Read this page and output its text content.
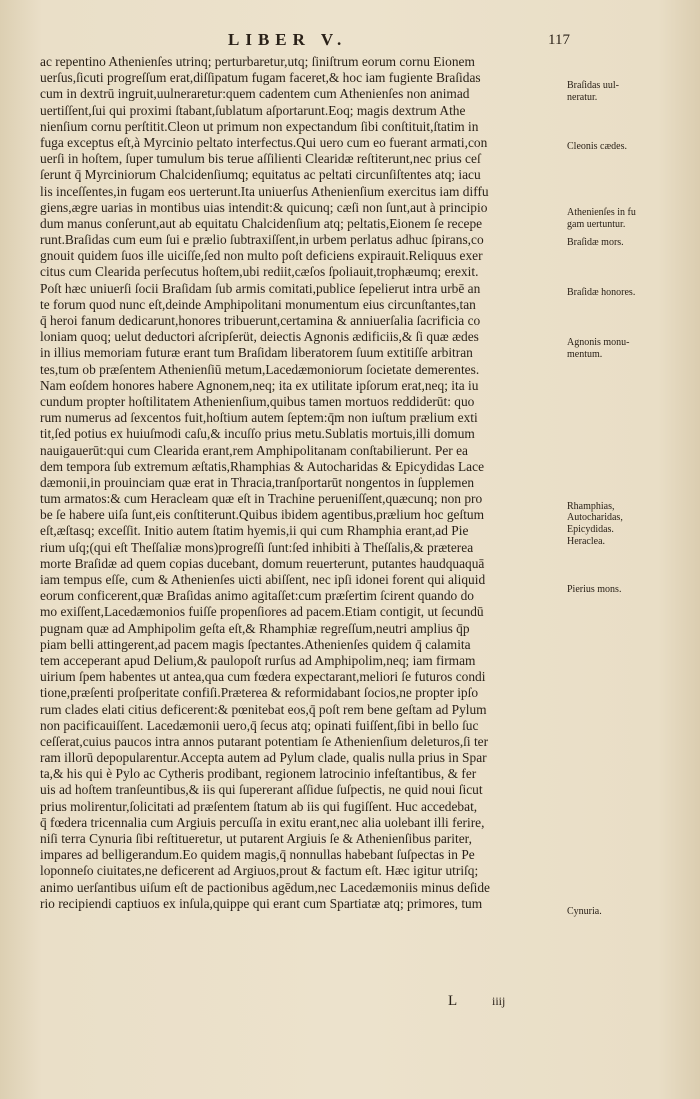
LIBER V.	117
ac repentino Athenienſes utrinq; perturbaretur,utq; ſiniſtrum eorum cornu Eionem
uerſus,ſicuti progreſſum erat,diſſipatum fugam faceret,& hoc iam fugiente Braſidas
cum in dextrū ingruit,uulneraretur:quem cadentem cum Athenienſes non animad
uertiſſent,ſui qui proximi ſtabant,ſublatum aſportarunt.Eoq; magis dextrum Athe
nienſium cornu perſtitit.Cleon ut primum non expectandum ſibi conſtituit,ſtatim in
fuga exceptus eſt,à Myrcinio peltato interfectus.Qui uero cum eo fuerant armati,con
uerſi in hoſtem, ſuper tumulum bis terue aſſilienti Clearidæ reſtiterunt,nec prius ceſ
ſerunt q̄ Myrciniorum Chalcidenſiumq; equitatus ac peltati circunſiſtentes atq; iacu
lis inceſſentes,in fugam eos uerterunt.Ita uniuerſus Athenienſium exercitus iam diffu
giens,ægre uarias in montibus uias intendit:& quicunq; cæſi non ſunt,aut à principio
dum manus conſerunt,aut ab equitatu Chalcidenſium atq; peltatis,Eionem ſe recepe
runt.Braſidas cum eum ſui e prælio ſubtraxiſſent,in urbem perlatus adhuc ſpirans,co
gnouit quidem ſuos ille uiciſſe,ſed non multo poſt deficiens expirauit.Reliquus exer
citus cum Clearida perſecutus hoſtem,ubi rediit,cæſos ſpoliauit,trophæumq; erexit.
Poſt hæc uniuerſi ſocii Braſidam ſub armis comitati,publice ſepelierut intra urbē an
te forum quod nunc eſt,deinde Amphipolitani monumentum eius circunſtantes,tan
q̄ heroi fanum dedicarunt,honores tribuerunt,certamina & anniuerſalia ſacrificia co
loniam quoq; uelut deductori aſcripſerüt, deiectis Agnonis ædificiis,& ſi quæ ædes
in illius memoriam futuræ erant tum Braſidam liberatorem ſuum extitiſſe arbitran
tes,tum ob præſentem Athenienſiū metum,Lacedæmoniorum ſocietate demerentes.
Nam eoſdem honores habere Agnonem,neq; ita ex utilitate ipſorum erat,neq; ita iu
cundum propter hoſtilitatem Athenienſium,quibus tamen mortuos reddiderūt: quo
rum numerus ad ſexcentos fuit,hoſtium autem ſeptem:q̄m non iuſtum prælium exti
tit,ſed potius ex huiuſmodi caſu,& incuſſo prius metu.Sublatis mortuis,illi domum
nauigauerūt:qui cum Clearida erant,rem Amphipolitanam conſtabilierunt. Per ea
dem tempora ſub extremum æſtatis,Rhamphias & Autocharidas & Epicydidas Lace
dæmonii,in prouinciam quæ erat in Thracia,tranſportarūt nongentos in ſupplemen
tum armatos:& cum Heracleam quæ eſt in Trachine perueniſſent,quæcunq; non pro
be ſe habere uiſa ſunt,eis conſtiterunt.Quibus ibidem agentibus,prælium hoc geſtum
eſt,æſtasq; exceſſit. Initio autem ſtatim hyemis,ii qui cum Rhamphia erant,ad Pie
rium uſq;(qui eſt Theſſaliæ mons)progreſſi ſunt:ſed inhibiti à Theſſalis,& præterea
morte Braſidæ ad quem copias ducebant, domum reuerterunt, putantes haudquaquā
iam tempus eſſe, cum & Athenienſes uicti abiſſent, nec ipſi idonei forent qui aliquid
eorum conficerent,quæ Braſidas animo agitaſſet:cum præſertim ſcirent quando do
mo exiſſent,Lacedæmonios fuiſſe propenſiores ad pacem.Etiam contigit, ut ſecundū
pugnam quæ ad Amphipolim geſta eſt,& Rhamphiæ regreſſum,neutri amplius q̄p
piam belli attingerent,ad pacem magis ſpectantes.Athenienſes quidem q̄ calamita
tem acceperant apud Delium,& paulopoſt rurſus ad Amphipolim,neq; iam firmam
uirium ſpem habentes ut antea,qua cum fœdera expectarant,meliori ſe futuros condi
tione,præſenti proſperitate confiſi.Præterea & reformidabant ſocios,ne propter ipſo
rum clades elati citius deficerent:& pœnitebat eos,q̄ poſt rem bene geſtam ad Pylum
non pacificauiſſent. Lacedæmonii uero,q̄ ſecus atq; opinati fuiſſent,ſibi in bello ſuc
ceſſerat,cuius paucos intra annos putarant potentiam ſe Athenienſium deleturos,ſi ter
ram illorū depopularentur.Accepta autem ad Pylum clade, qualis nulla prius in Spar
ta,& his qui è Pylo ac Cytheris prodibant, regionem latrocinio infeſtantibus, & fer
uis ad hoſtem tranſeuntibus,& iis qui ſupererant aſſidue ſuſpectis, ne quid noui ſicut
prius molirentur,ſolicitati ad præſentem ſtatum ab iis qui fugiſſent. Huc accedebat,
q̄ fœdera tricennalia cum Argiuis percuſſa in exitu erant,nec alia uolebant illi ferire,
niſi terra Cynuria ſibi reſtitueretur, ut putarent Argiuis ſe & Athenienſibus pariter,
impares ad belligerandum.Eo quidem magis,q̄ nonnullas habebant ſuſpectas in Pe
loponneſo ciuitates,ne deficerent ad Argiuos,prout & factum eſt. Hæc igitur utriſq;
animo uerſantibus uiſum eſt de pactionibus agēdum,nec Lacedæmoniis minus deſide
rio recipiendi captiuos ex inſula,quippe qui erant cum Spartiatæ atq; primores, tum
Braſidas uul-
neratur.
Cleonis cædes.
Athenienſes in fu
gam uertuntur.
Braſidæ mors.
Braſidæ honores.
Agnonis monu-
mentum.
Rhamphias,
Autocharidas,
Epicydidas.
Heraclea.
Pierius mons.
Cynuria.
L	iiij
